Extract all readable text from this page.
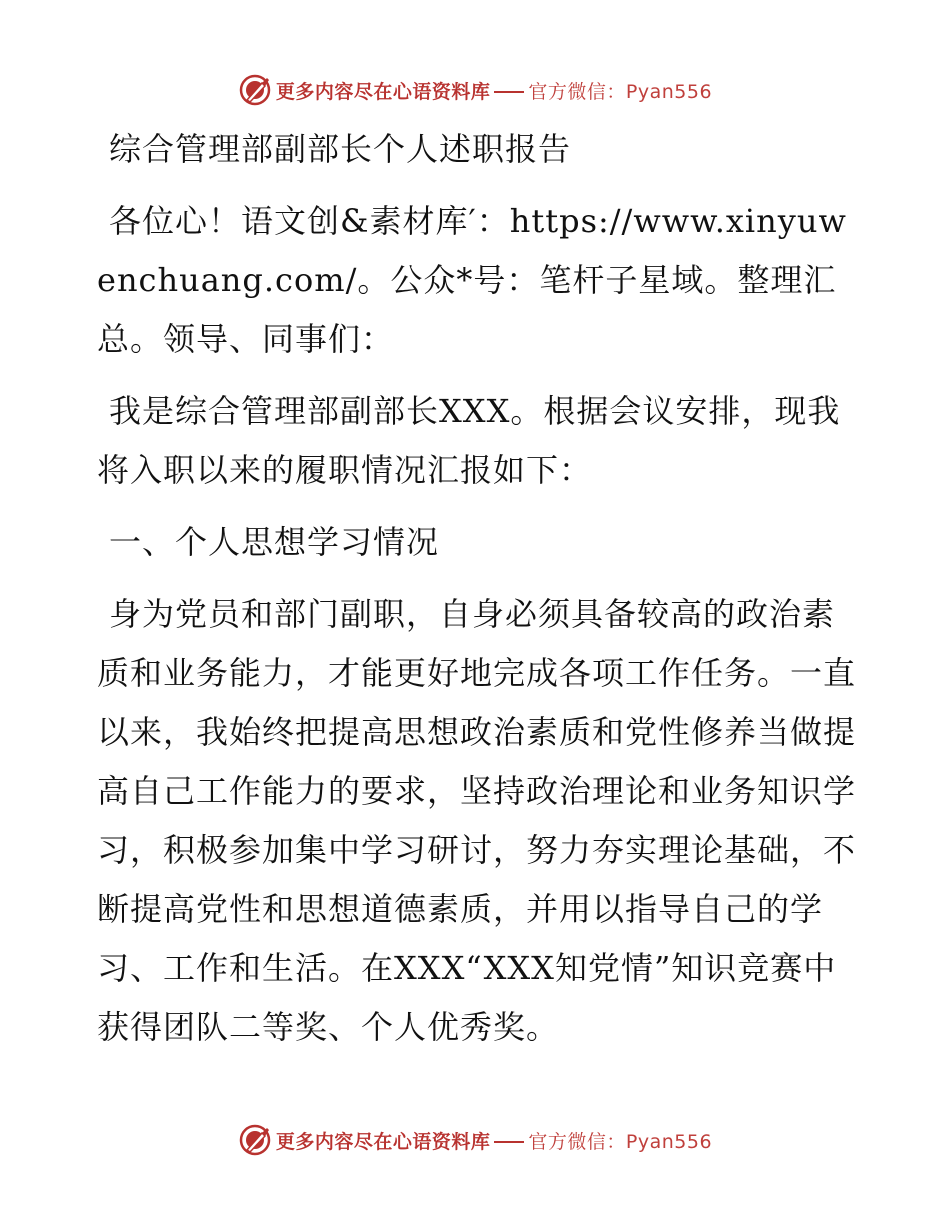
更多内容尽在心语资料库 官方微信：Pyan556

综合管理部副部长个人述职报告

各位心！语文创&素材库′：https://www.xinyuwenchuang.com/。公众*号：笔杆子星域。整理汇总。领导、同事们：

我是综合管理部副部长XXX。根据会议安排，现我将入职以来的履职情况汇报如下：

一、个人思想学习情况

身为党员和部门副职，自身必须具备较高的政治素质和业务能力，才能更好地完成各项工作任务。一直以来，我始终把提高思想政治素质和党性修养当做提高自己工作能力的要求，坚持政治理论和业务知识学习，积极参加集中学习研讨，努力夯实理论基础，不断提高党性和思想道德素质，并用以指导自己的学习、工作和生活。在XXX“XXX知党情”知识竞赛中获得团队二等奖、个人优秀奖。

更多内容尽在心语资料库 官方微信：Pyan556
